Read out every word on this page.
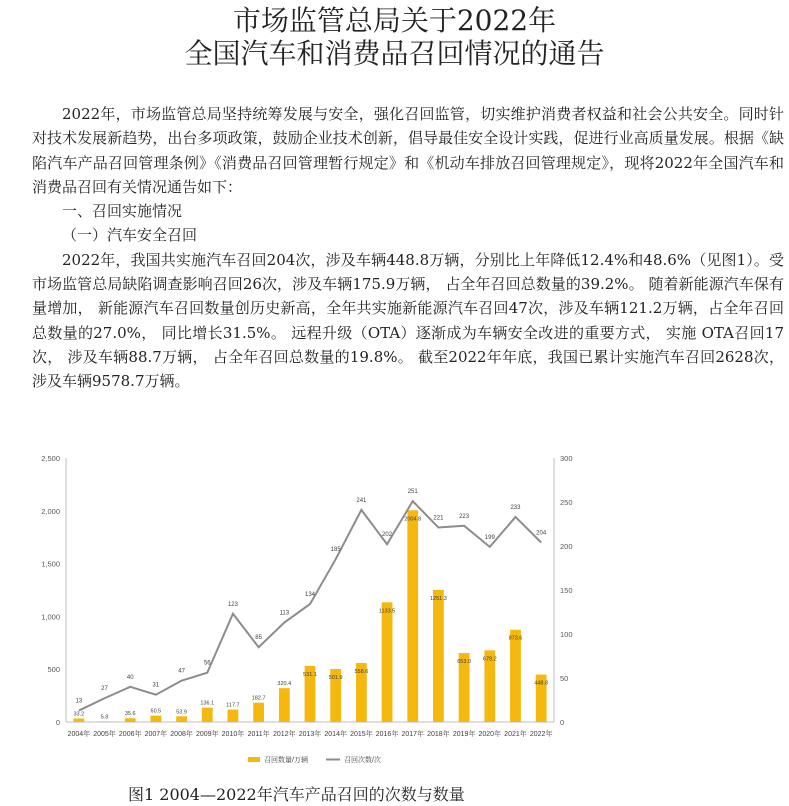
市场监管总局关于2022年
全国汽车和消费品召回情况的通告

2022年，市场监管总局坚持统筹发展与安全，强化召回监管，切实维护消费者权益和社会公共安全。同时针对技术发展新趋势，出台多项政策，鼓励企业技术创新，倡导最佳安全设计实践，促进行业高质量发展。根据《缺陷汽车产品召回管理条例》《消费品召回管理暂行规定》和《机动车排放召回管理规定》，现将2022年全国汽车和消费品召回有关情况通告如下：

一、召回实施情况

（一）汽车安全召回

2022年，我国共实施汽车召回204次，涉及车辆448.8万辆，分别比上年降低12.4%和48.6%（见图1）。受市场监管总局缺陷调查影响召回26次，涉及车辆175.9万辆， 占全年召回总数量的39.2%。 随着新能源汽车保有量增加， 新能源汽车召回数量创历史新高，全年共实施新能源汽车召回47次，涉及车辆121.2万辆，占全年召回总数量的27.0%， 同比增长31.5%。 远程升级（OTA）逐渐成为车辆安全改进的重要方式， 实施 OTA召回17次， 涉及车辆88.7万辆， 占全年召回总数量的19.8%。 截至2022年年底，我国已累计实施汽车召回2628次， 涉及车辆9578.7万辆。

0
500
1,000
1,500
2,000
2,500
0
50
100
150
200
250
300
33.2	5.8
35.6	60.5	53.9
136.1 117.7
182.7
320.4
531.1
501.9
558.6
1133.5
2004.8
1251.3
653.0 678.2
873.6
448.8
13
27
40
31
47
56
123
85
113
134
185
241
202
251
221	223
199
233
204
2004年 2005年 2006年 2007年 2008年 2009年 2010年 2011年 2012年 2013年 2014年 2015年 2016年 2017年 2018年 2019年 2020年 2021年 2022年
召回数量/万辆	召回次数/次
图1 2004—2022年汽车产品召回的次数与数量
